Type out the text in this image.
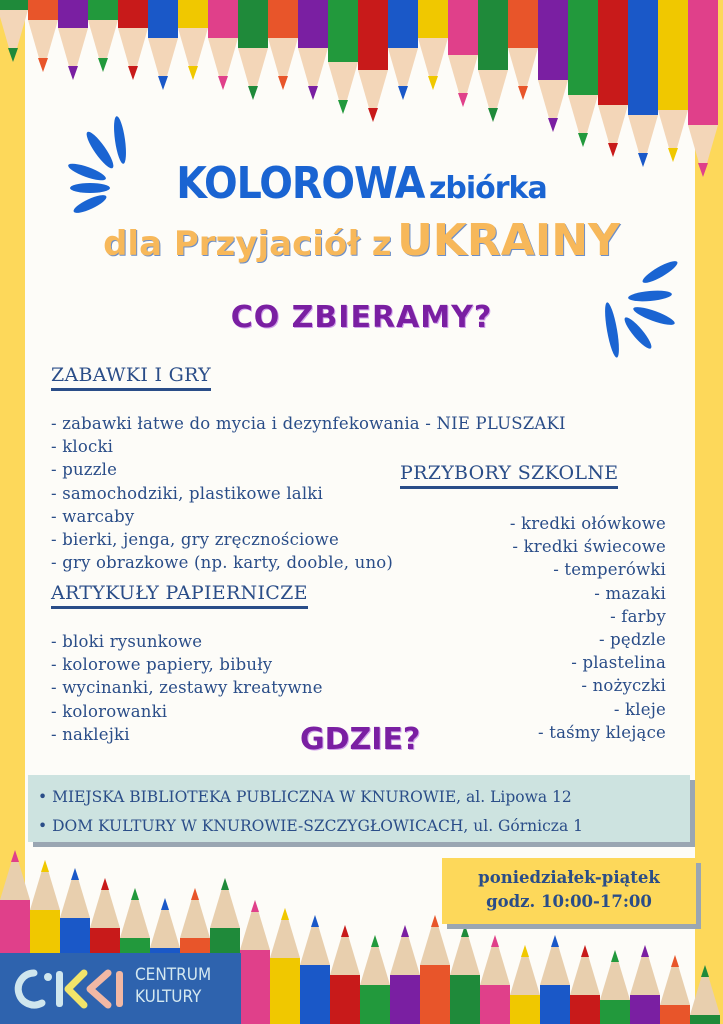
KOLOROWA zbiórka
dla Przyjaciół z UKRAINY
CO ZBIERAMY?
ZABAWKI I GRY
- zabawki łatwe do mycia i dezynfekowania - NIE PLUSZAKI
- klocki
- puzzle
- samochodziki, plastikowe lalki
- warcaby
- bierki, jenga, gry zręcznościowe
- gry obrazkowe (np. karty, dooble, uno)
PRZYBORY SZKOLNE
- kredki ołówkowe
- kredki świecowe
- temperówki
- mazaki
- farby
- pędzle
- plastelina
- nożyczki
- kleje
- taśmy klejące
ARTYKUŁY PAPIERNICZE
- bloki rysunkowe
- kolorowe papiery, bibuły
- wycinanki, zestawy kreatywne
- kolorowanki
- naklejki	GDZIE?
• MIEJSKA BIBLIOTEKA PUBLICZNA W KNUROWIE, al. Lipowa 12
• DOM KULTURY W KNUROWIE-SZCZYGŁOWICACH, ul. Górnicza 1
poniedziałek-piątek
godz. 10:00-17:00
CENTRUM
KULTURY
